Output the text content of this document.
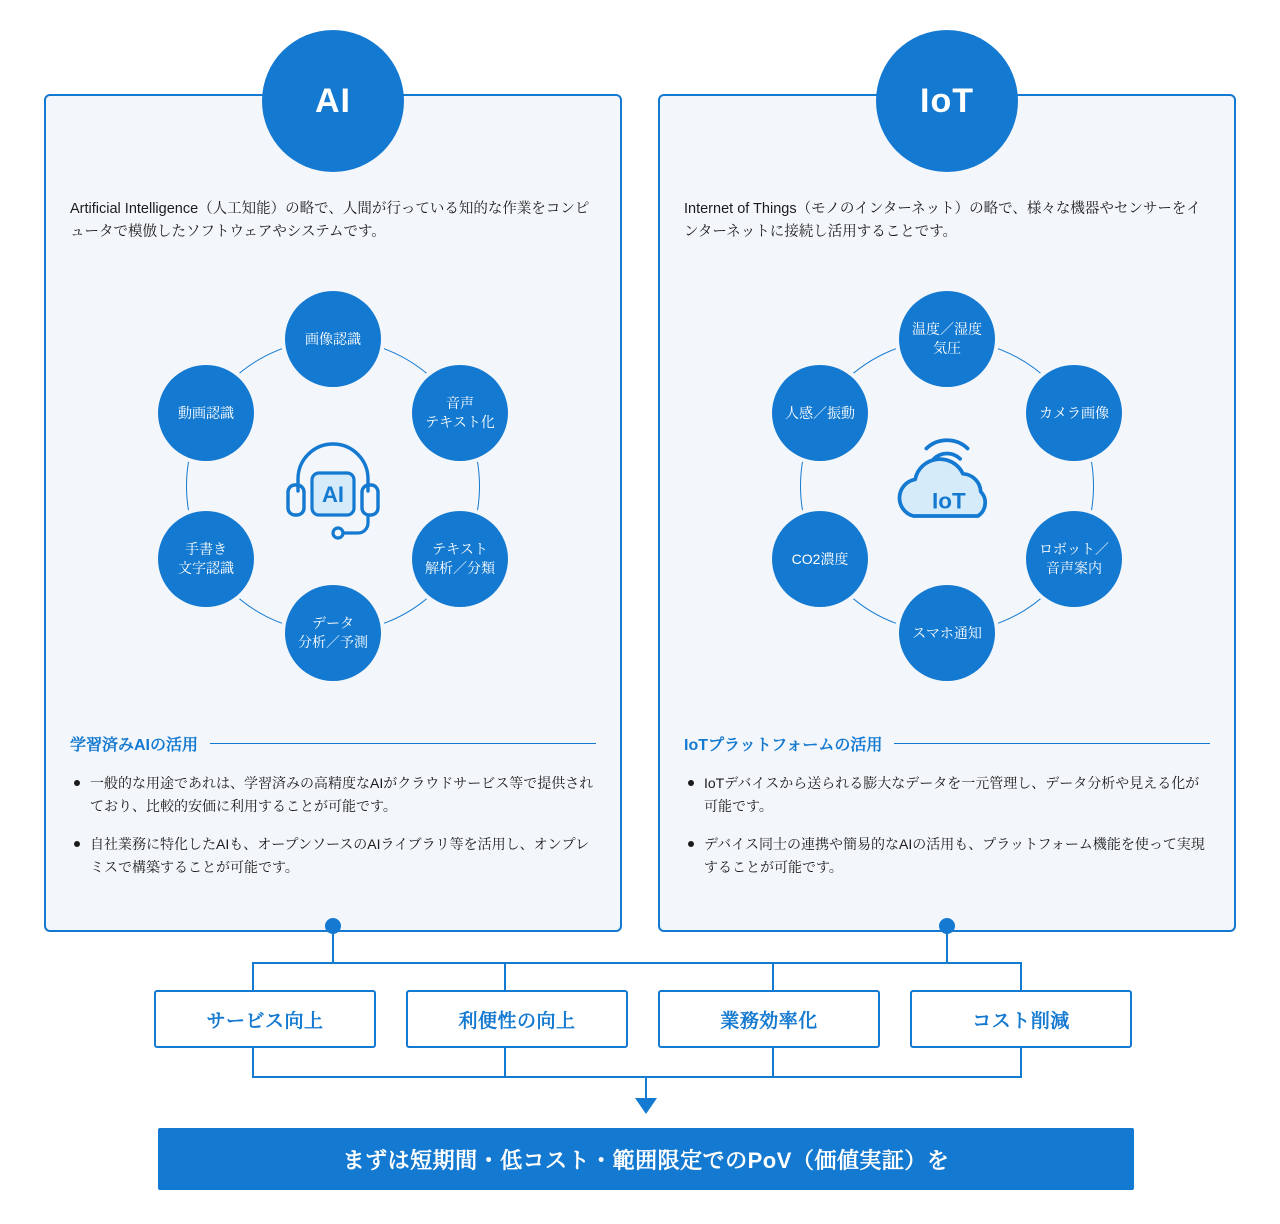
AI
Artificial Intelligence（人工知能）の略で、人間が行っている知的な作業をコンピュータで模倣したソフトウェアやシステムです。
AI
画像認識
音声
テキスト化
テキスト
解析／分類
データ
分析／予測
手書き
文字認識
動画認識
学習済みAIの活用
一般的な用途であれは、学習済みの高精度なAIがクラウドサービス等で提供されており、比較的安価に利用することが可能です。
自社業務に特化したAIも、オープンソースのAIライブラリ等を活用し、オンプレミスで構築することが可能です。
IoT
Internet of Things（モノのインターネット）の略で、様々な機器やセンサーをインターネットに接続し活用することです。
IoT
温度／湿度
気圧
カメラ画像
ロボット／
音声案内
スマホ通知
CO2濃度
人感／振動
IoTプラットフォームの活用
IoTデバイスから送られる膨大なデータを一元管理し、データ分析や見える化が可能です。
デバイス同士の連携や簡易的なAIの活用も、プラットフォーム機能を使って実現することが可能です。
サービス向上	利便性の向上	業務効率化	コスト削減
まずは短期間・低コスト・範囲限定でのPoV（価値実証）を
